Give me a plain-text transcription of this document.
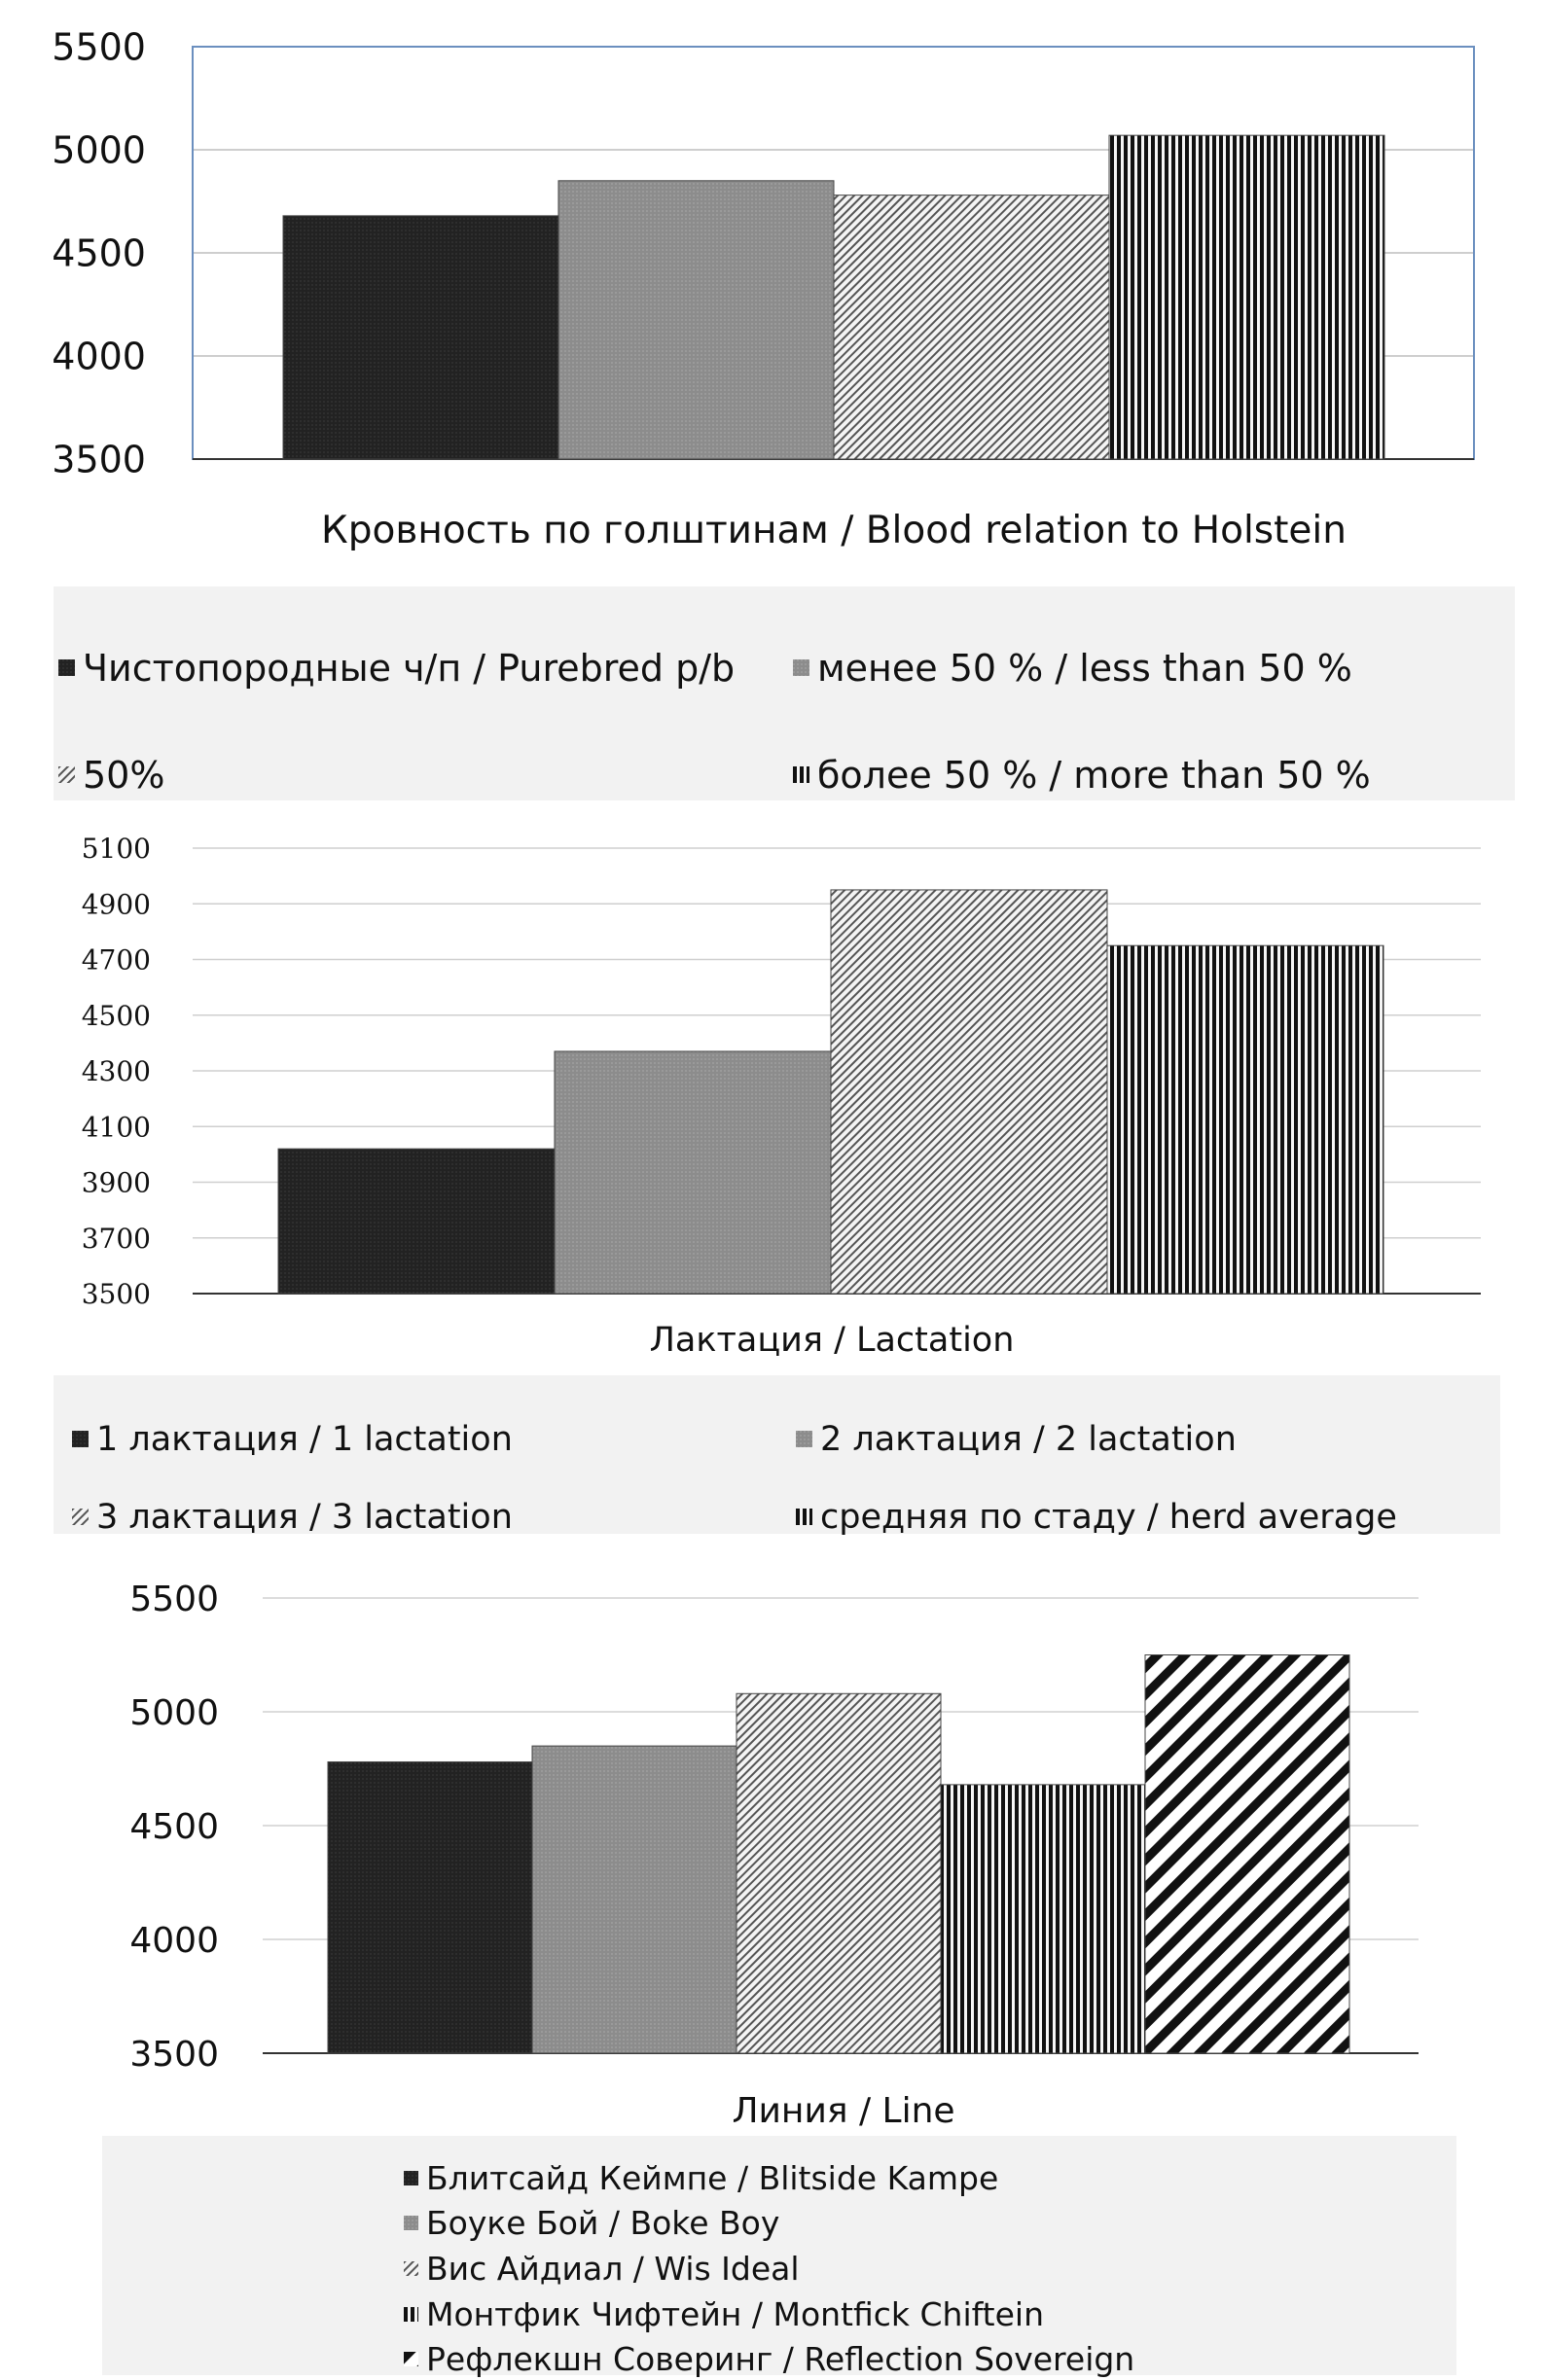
5500
5000
4500
4000
3500
Кровность по голштинам / Blood relation to Holstein
5100
4900
4700
4500
4300
4100
3900
3700
3500
Лактация / Lactation
5500
5000
4500
4000
3500
Линия / Line
Чистопородные ч/п / Purebred p/b менее 50 % / less than 50 %
50%	более 50 % / more than 50 %
1 лактация / 1 lactation	2 лактация / 2 lactation
3 лактация / 3 lactation	средняя по стаду / herd average
Блитсайд Кеймпе / Blitside Kampe
Боуке Бой / Boke Boy
Вис Айдиал / Wis Ideal
Монтфик Чифтейн / Montfick Chiftein
Рефлекшн Соверинг / Reflection Sovereign
